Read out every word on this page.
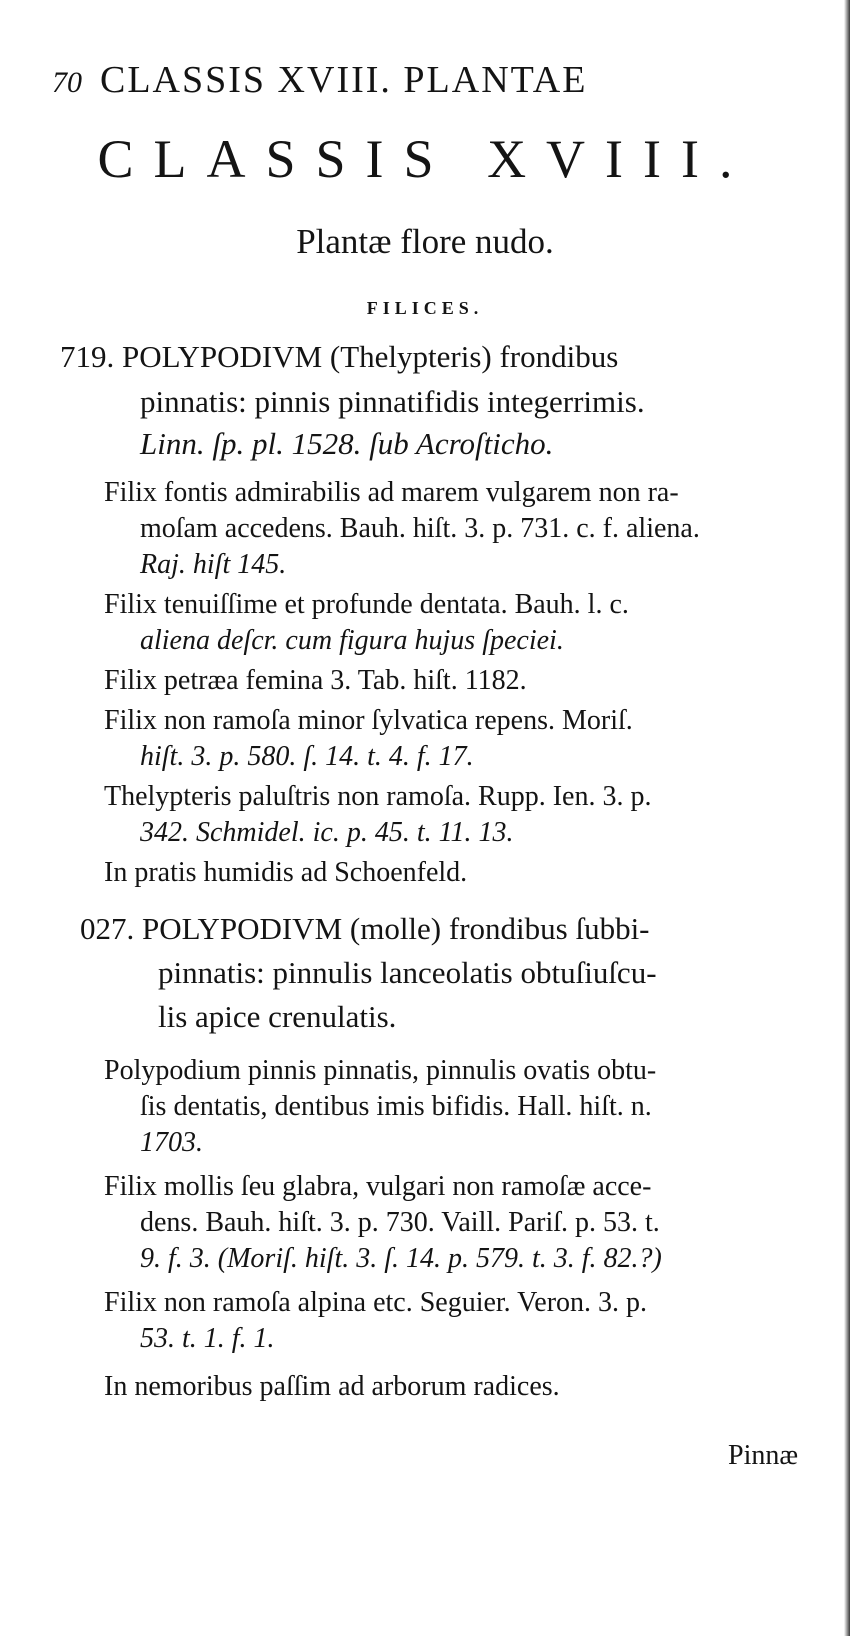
70 CLASSIS XVIII. PLANTAE
CLASSIS XVIII.
Plantæ flore nudo.
FILICES.
719. POLYPODIVM (Thelypteris) frondibus
pinnatis: pinnis pinnatifidis integerrimis.
Linn. ſp. pl. 1528. ſub Acroſticho.
Filix fontis admirabilis ad marem vulgarem non ra-
moſam accedens. Bauh. hiſt. 3. p. 731. c. f. aliena.
Raj. hiſt 145.
Filix tenuiſſime et profunde dentata. Bauh. l. c.
aliena deſcr. cum figura hujus ſpeciei.
Filix petræa femina 3. Tab. hiſt. 1182.
Filix non ramoſa minor ſylvatica repens. Moriſ.
hiſt. 3. p. 580. ſ. 14. t. 4. f. 17.
Thelypteris paluſtris non ramoſa. Rupp. Ien. 3. p.
342. Schmidel. ic. p. 45. t. 11. 13.
In pratis humidis ad Schoenfeld.
027. POLYPODIVM (molle) frondibus ſubbi-
pinnatis: pinnulis lanceolatis obtuſiuſcu-
lis apice crenulatis.
Polypodium pinnis pinnatis, pinnulis ovatis obtu-
ſis dentatis, dentibus imis bifidis. Hall. hiſt. n.
1703.
Filix mollis ſeu glabra, vulgari non ramoſæ acce-
dens. Bauh. hiſt. 3. p. 730. Vaill. Pariſ. p. 53. t.
9. f. 3. (Moriſ. hiſt. 3. ſ. 14. p. 579. t. 3. f. 82.?)
Filix non ramoſa alpina etc. Seguier. Veron. 3. p.
53. t. 1. f. 1.
In nemoribus paſſim ad arborum radices.
Pinnæ
